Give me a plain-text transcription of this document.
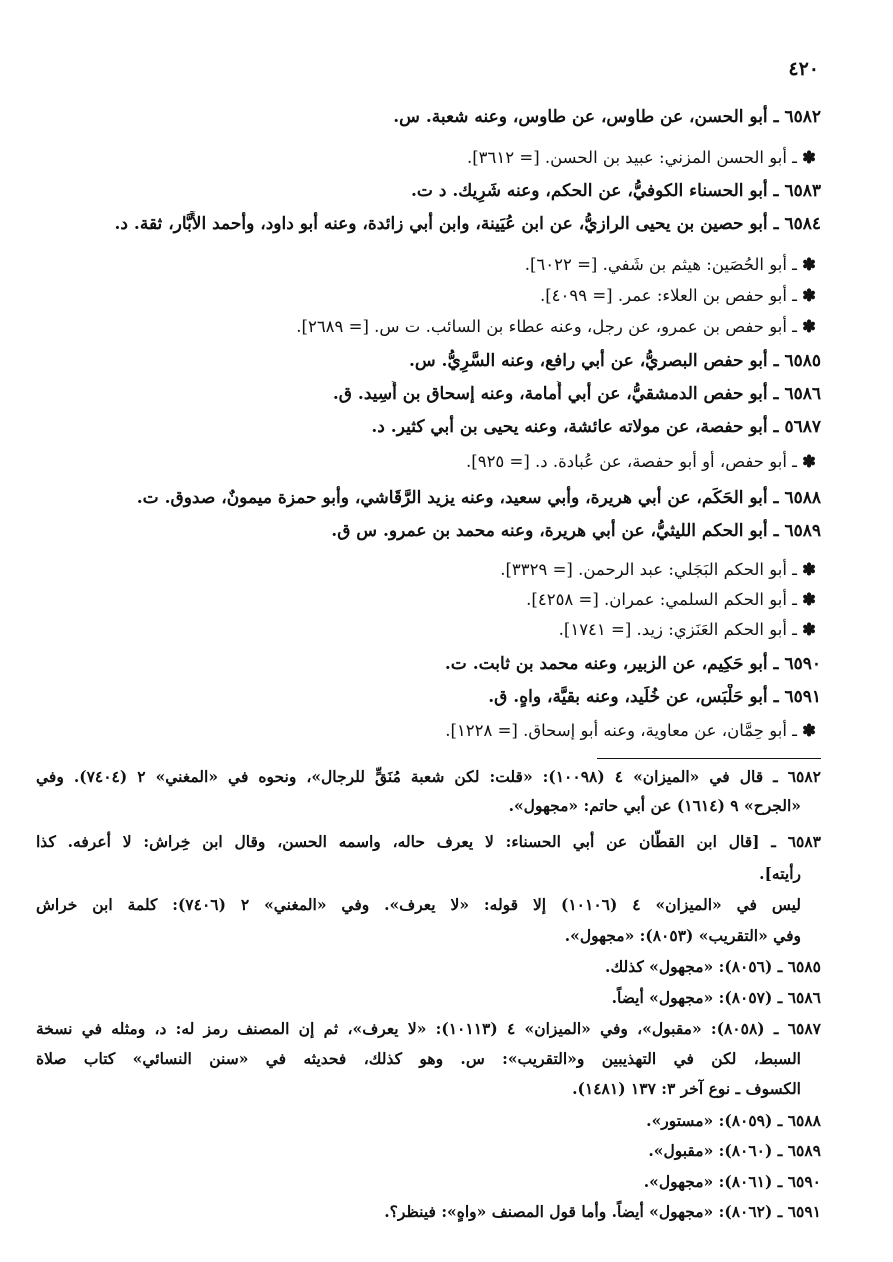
٤٢٠
٦٥٨٢ ـ أبو الحسن، عن طاوس، عن طاوس، وعنه شعبة. س.
✽ـ أبو الحسن المزني: عبيد بن الحسن. [= ٣٦١٢].
٦٥٨٣ ـ أبو الحسناء الكوفيُّ، عن الحكم، وعنه شَرِيك. د ت.
٦٥٨٤ ـ أبو حصين بن يحيى الرازيُّ، عن ابن عُيَينة، وابن أبي زائدة، وعنه أبو داود، وأحمد الأَبَّار، ثقة. د.
✽ـ أبو الحُصَين: هيثم بن شَفي. [= ٦٠٢٢].
✽ـ أبو حفص بن العلاء: عمر. [= ٤٠٩٩].
✽ـ أبو حفص بن عمرو، عن رجل، وعنه عطاء بن السائب. ت س. [= ٢٦٨٩].
٦٥٨٥ ـ أبو حفص البصريُّ، عن أبي رافع، وعنه السَّرِيُّ. س.
٦٥٨٦ ـ أبو حفص الدمشقيُّ، عن أبي أُمامة، وعنه إسحاق بن أَسِيد. ق.
٥٦٨٧ ـ أبو حفصة، عن مولاته عائشة، وعنه يحيى بن أبي كثير. د.
✽ـ أبو حفص، أو أبو حفصة، عن عُبادة. د. [= ٩٢٥].
٦٥٨٨ ـ أبو الحَكَم، عن أبي هريرة، وأبي سعيد، وعنه يزيد الرَّقَاشي، وأبو حمزة ميمونٌ، صدوق. ت.
٦٥٨٩ ـ أبو الحكم الليثيُّ، عن أبي هريرة، وعنه محمد بن عمرو. س ق.
✽ـ أبو الحكم البَجَلي: عبد الرحمن. [= ٣٣٢٩].
✽ـ أبو الحكم السلمي: عمران. [= ٤٢٥٨].
✽ـ أبو الحكم العَنَزي: زيد. [= ١٧٤١].
٦٥٩٠ ـ أبو حَكِيم، عن الزبير، وعنه محمد بن ثابت. ت.
٦٥٩١ ـ أبو حَلْبَس، عن خُلَيد، وعنه بقيَّة، واهٍ. ق.
✽ـ أبو حِمَّان، عن معاوية، وعنه أبو إسحاق. [= ١٢٢٨].
٦٥٨٢ ـ قال في «الميزان» ٤ (١٠٠٩٨): «قلت: لكن شعبة مُنَقٍّ للرجال»، ونحوه في «المغني» ٢ (٧٤٠٤). وفي
«الجرح» ٩ (١٦١٤) عن أبي حاتم: «مجهول».
٦٥٨٣ ـ [قال ابن القطّان عن أبي الحسناء: لا يعرف حاله، واسمه الحسن، وقال ابن خِراش: لا أعرفه. كذا
رأيته].
ليس في «الميزان» ٤ (١٠١٠٦) إلا قوله: «لا يعرف». وفي «المغني» ٢ (٧٤٠٦): كلمة ابن خراش
وفي «التقريب» (٨٠٥٣): «مجهول».
٦٥٨٥ ـ (٨٠٥٦): «مجهول» كذلك.
٦٥٨٦ ـ (٨٠٥٧): «مجهول» أيضاً.
٦٥٨٧ ـ (٨٠٥٨): «مقبول»، وفي «الميزان» ٤ (١٠١١٣): «لا يعرف»، ثم إن المصنف رمز له: د، ومثله في نسخة
السبط، لكن في التهذيبين و«التقريب»: س. وهو كذلك، فحديثه في «سنن النسائي» كتاب صلاة
الكسوف ـ نوع آخر ٣: ١٣٧ (١٤٨١).
٦٥٨٨ ـ (٨٠٥٩): «مستور».
٦٥٨٩ ـ (٨٠٦٠): «مقبول».
٦٥٩٠ ـ (٨٠٦١): «مجهول».
٦٥٩١ ـ (٨٠٦٢): «مجهول» أيضاً. وأما قول المصنف «واهٍ»: فينظر؟.
